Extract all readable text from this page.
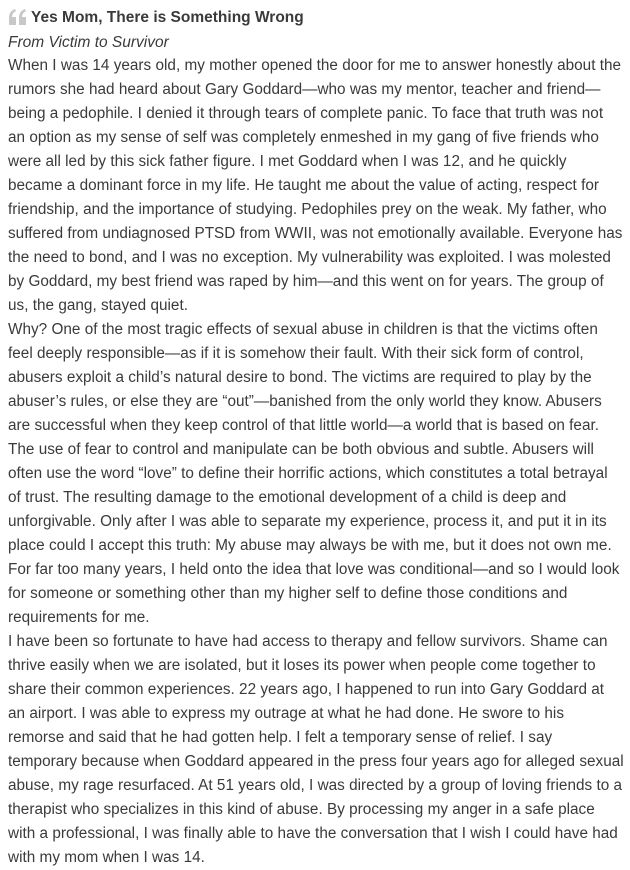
Yes Mom, There is Something Wrong
From Victim to Survivor

When I was 14 years old, my mother opened the door for me to answer honestly about the rumors she had heard about Gary Goddard—who was my mentor, teacher and friend—being a pedophile. I denied it through tears of complete panic. To face that truth was not an option as my sense of self was completely enmeshed in my gang of five friends who were all led by this sick father figure. I met Goddard when I was 12, and he quickly became a dominant force in my life. He taught me about the value of acting, respect for friendship, and the importance of studying. Pedophiles prey on the weak. My father, who suffered from undiagnosed PTSD from WWII, was not emotionally available. Everyone has the need to bond, and I was no exception. My vulnerability was exploited. I was molested by Goddard, my best friend was raped by him—and this went on for years. The group of us, the gang, stayed quiet.

Why? One of the most tragic effects of sexual abuse in children is that the victims often feel deeply responsible—as if it is somehow their fault. With their sick form of control, abusers exploit a child’s natural desire to bond. The victims are required to play by the abuser’s rules, or else they are “out”—banished from the only world they know. Abusers are successful when they keep control of that little world—a world that is based on fear. The use of fear to control and manipulate can be both obvious and subtle. Abusers will often use the word “love” to define their horrific actions, which constitutes a total betrayal of trust. The resulting damage to the emotional development of a child is deep and unforgivable. Only after I was able to separate my experience, process it, and put it in its place could I accept this truth: My abuse may always be with me, but it does not own me. For far too many years, I held onto the idea that love was conditional—and so I would look for someone or something other than my higher self to define those conditions and requirements for me.

I have been so fortunate to have had access to therapy and fellow survivors. Shame can thrive easily when we are isolated, but it loses its power when people come together to share their common experiences. 22 years ago, I happened to run into Gary Goddard at an airport. I was able to express my outrage at what he had done. He swore to his remorse and said that he had gotten help. I felt a temporary sense of relief. I say temporary because when Goddard appeared in the press four years ago for alleged sexual abuse, my rage resurfaced. At 51 years old, I was directed by a group of loving friends to a therapist who specializes in this kind of abuse. By processing my anger in a safe place with a professional, I was finally able to have the conversation that I wish I could have had with my mom when I was 14.
